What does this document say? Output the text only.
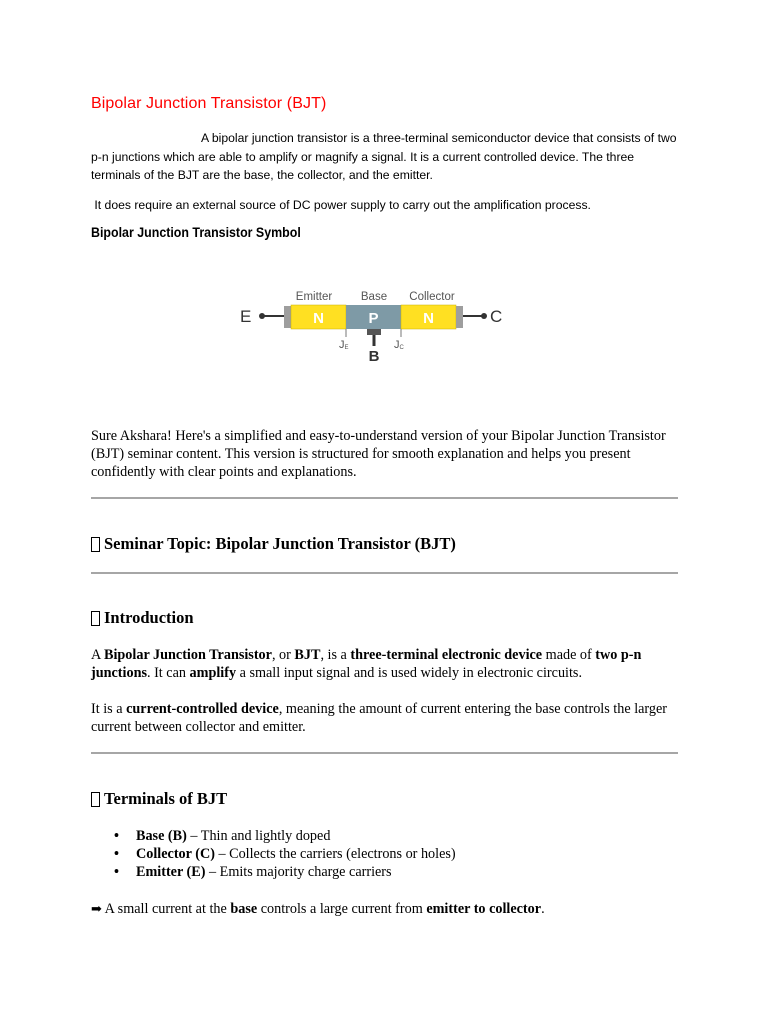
Bipolar Junction Transistor (BJT)

A bipolar junction transistor is a three-terminal semiconductor device that consists of two p-n junctions which are able to amplify or magnify a signal. It is a current controlled device. The three terminals of the BJT are the base, the collector, and the emitter.

It does require an external source of DC power supply to carry out the amplification process.

Bipolar Junction Transistor Symbol
Emitter Base Collector
E	N	P	N	C
B
JE	JC

Sure Akshara! Here's a simplified and easy-to-understand version of your Bipolar Junction Transistor (BJT) seminar content. This version is structured for smooth explanation and helps you present confidently with clear points and explanations.

Seminar Topic: Bipolar Junction Transistor (BJT)
Introduction

A Bipolar Junction Transistor, or BJT, is a three-terminal electronic device made of two p-n junctions. It can amplify a small input signal and is used widely in electronic circuits.

It is a current-controlled device, meaning the amount of current entering the base controls the larger current between collector and emitter.

Terminals of BJT
• Base (B) – Thin and lightly doped
• Collector (C) – Collects the carriers (electrons or holes)
• Emitter (E) – Emits majority charge carriers

➡ A small current at the base controls a large current from emitter to collector.
